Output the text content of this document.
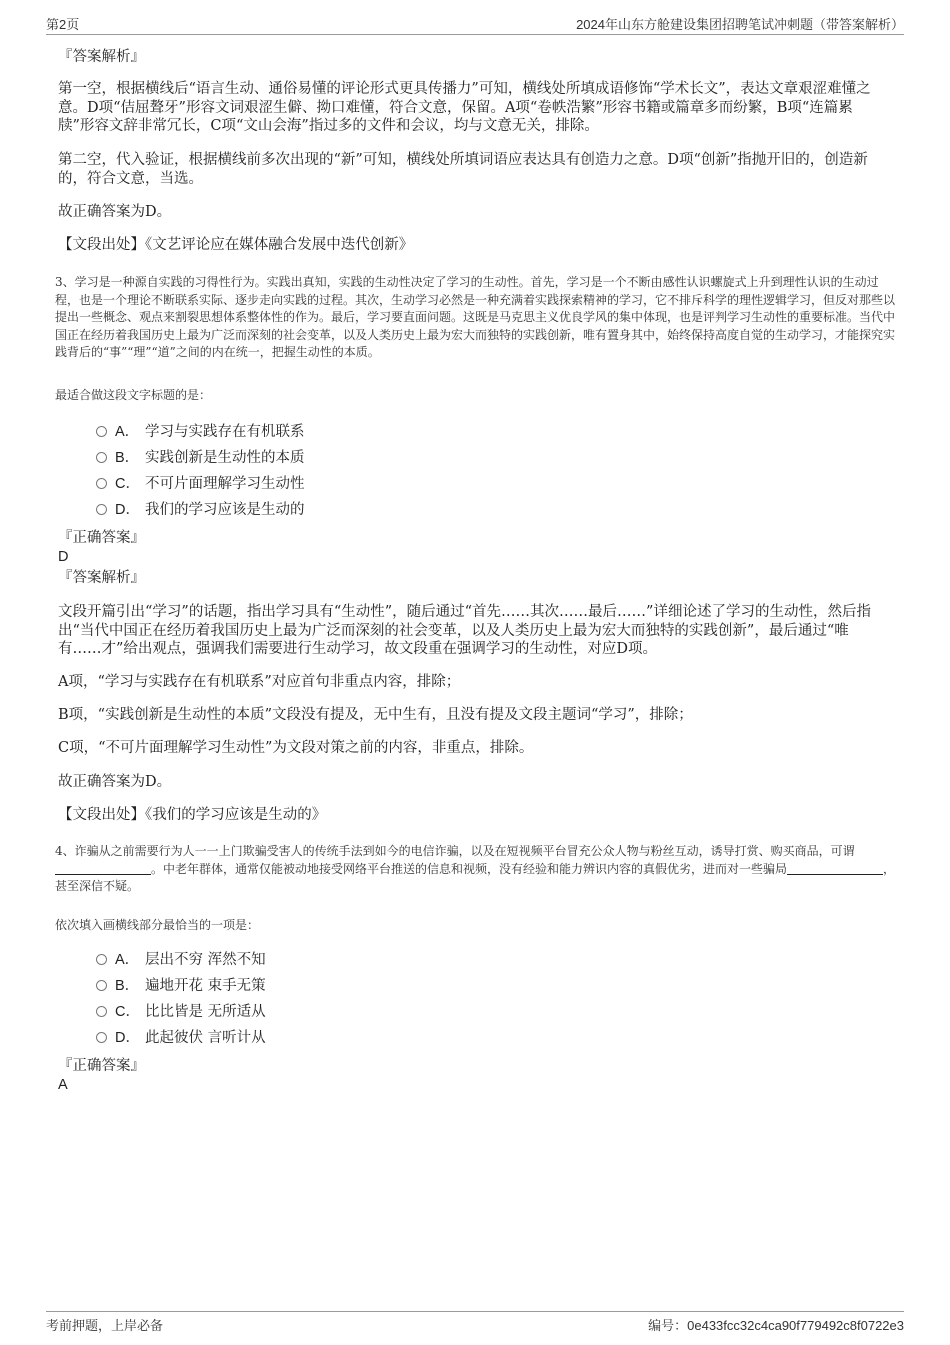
第2页	2024年山东方舱建设集团招聘笔试冲刺题（带答案解析）
『答案解析』
第一空，根据横线后“语言生动、通俗易懂的评论形式更具传播力”可知，横线处所填成语修饰“学术长文”，表达文章艰涩难懂之意。D项“佶屈聱牙”形容文词艰涩生僻、拗口难懂，符合文意，保留。A项“卷帙浩繁”形容书籍或篇章多而纷繁，B项“连篇累牍”形容文辞非常冗长，C项“文山会海”指过多的文件和会议，均与文意无关，排除。
第二空，代入验证，根据横线前多次出现的“新”可知，横线处所填词语应表达具有创造力之意。D项“创新”指抛开旧的，创造新的，符合文意，当选。
故正确答案为D。
【文段出处】《文艺评论应在媒体融合发展中迭代创新》
3、学习是一种源自实践的习得性行为。实践出真知，实践的生动性决定了学习的生动性。首先，学习是一个不断由感性认识螺旋式上升到理性认识的生动过程，也是一个理论不断联系实际、逐步走向实践的过程。其次，生动学习必然是一种充满着实践探索精神的学习，它不排斥科学的理性逻辑学习，但反对那些以提出一些概念、观点来割裂思想体系整体性的作为。最后，学习要直面问题。这既是马克思主义优良学风的集中体现，也是评判学习生动性的重要标准。当代中国正在经历着我国历史上最为广泛而深刻的社会变革，以及人类历史上最为宏大而独特的实践创新，唯有置身其中，始终保持高度自觉的生动学习，才能探究实践背后的“事”“理”“道”之间的内在统一，把握生动性的本质。
最适合做这段文字标题的是：
A． 学习与实践存在有机联系
B． 实践创新是生动性的本质
C． 不可片面理解学习生动性
D． 我们的学习应该是生动的
『正确答案』
D
『答案解析』
文段开篇引出“学习”的话题，指出学习具有“生动性”，随后通过“首先……其次……最后……”详细论述了学习的生动性，然后指出“当代中国正在经历着我国历史上最为广泛而深刻的社会变革，以及人类历史上最为宏大而独特的实践创新”，最后通过“唯有……才”给出观点，强调我们需要进行生动学习，故文段重在强调学习的生动性，对应D项。
A项，“学习与实践存在有机联系”对应首句非重点内容，排除；
B项，“实践创新是生动性的本质”文段没有提及，无中生有，且没有提及文段主题词“学习”，排除；
C项，“不可片面理解学习生动性”为文段对策之前的内容，非重点，排除。
故正确答案为D。
【文段出处】《我们的学习应该是生动的》
4、诈骗从之前需要行为人一一上门欺骗受害人的传统手法到如今的电信诈骗，以及在短视频平台冒充公众人物与粉丝互动，诱导打赏、购买商品，可谓。中老年群体，通常仅能被动地接受网络平台推送的信息和视频，没有经验和能力辨识内容的真假优劣，进而对一些骗局	，甚至深信不疑。
依次填入画横线部分最恰当的一项是：
A． 层出不穷 浑然不知
B． 遍地开花 束手无策
C． 比比皆是 无所适从
D． 此起彼伏 言听计从
『正确答案』
A
考前押题，上岸必备	编号：0e433fcc32c4ca90f779492c8f0722e3
